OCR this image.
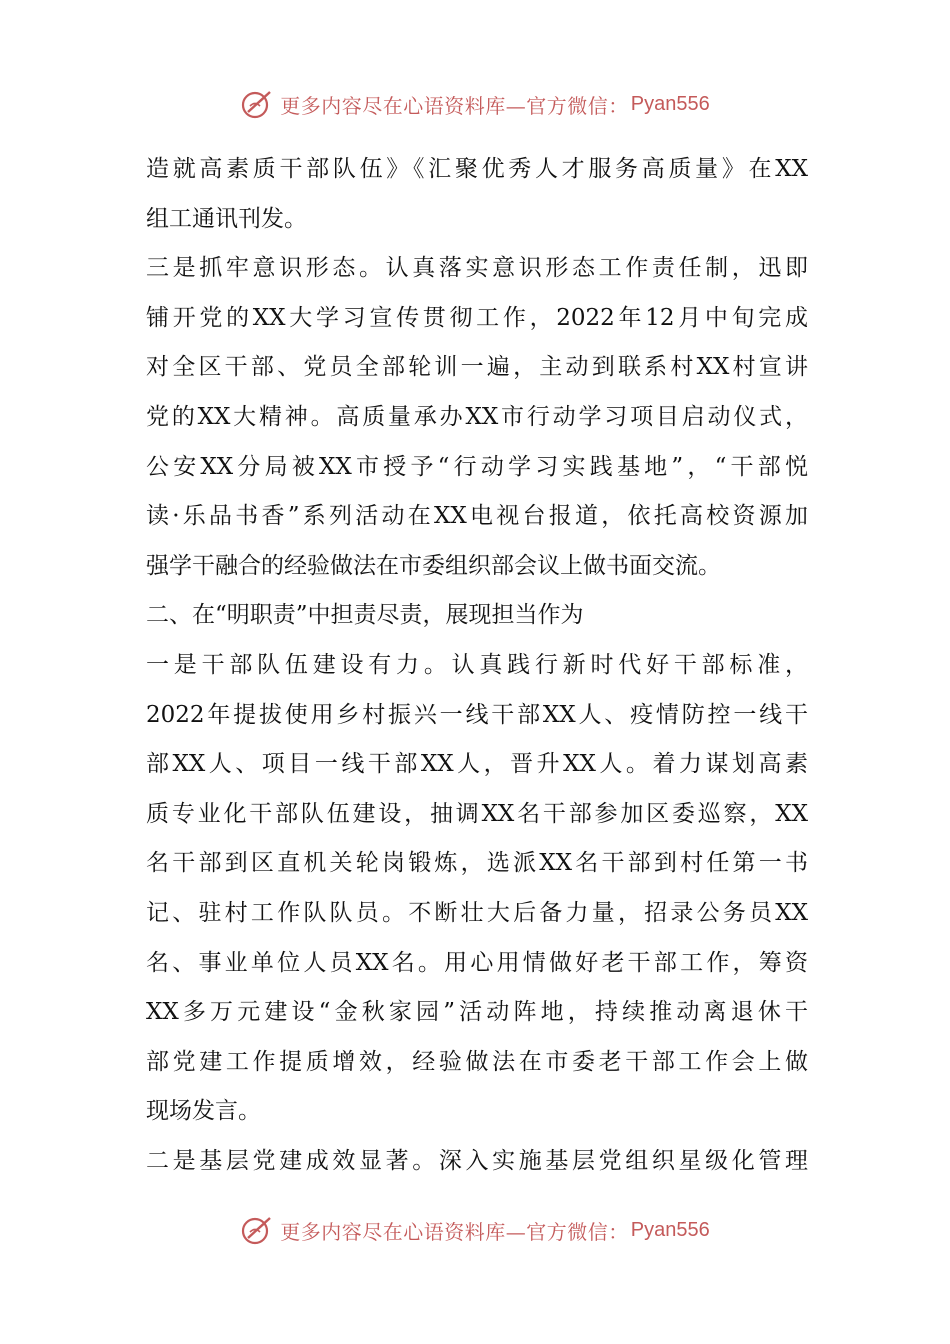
更多内容尽在心语资料库—官方微信： Pyan556
造就高素质干部队伍》《汇聚优秀人才服务高质量》在XX
组工通讯刊发。
三是抓牢意识形态。认真落实意识形态工作责任制，迅即
铺开党的XX大学习宣传贯彻工作，2022年12月中旬完成
对全区干部、党员全部轮训一遍，主动到联系村XX村宣讲
党的XX大精神。高质量承办XX市行动学习项目启动仪式，
公安XX分局被XX市授予“行动学习实践基地”，“干部悦
读·乐品书香”系列活动在XX电视台报道，依托高校资源加
强学干融合的经验做法在市委组织部会议上做书面交流。
二、在“明职责”中担责尽责，展现担当作为
一是干部队伍建设有力。认真践行新时代好干部标准，
2022年提拔使用乡村振兴一线干部XX人、疫情防控一线干
部XX人、项目一线干部XX人，晋升XX人。着力谋划高素
质专业化干部队伍建设，抽调XX名干部参加区委巡察，XX
名干部到区直机关轮岗锻炼，选派XX名干部到村任第一书
记、驻村工作队队员。不断壮大后备力量，招录公务员XX
名、事业单位人员XX名。用心用情做好老干部工作，筹资
XX多万元建设“金秋家园”活动阵地，持续推动离退休干
部党建工作提质增效，经验做法在市委老干部工作会上做
现场发言。
二是基层党建成效显著。深入实施基层党组织星级化管理
更多内容尽在心语资料库—官方微信： Pyan556
